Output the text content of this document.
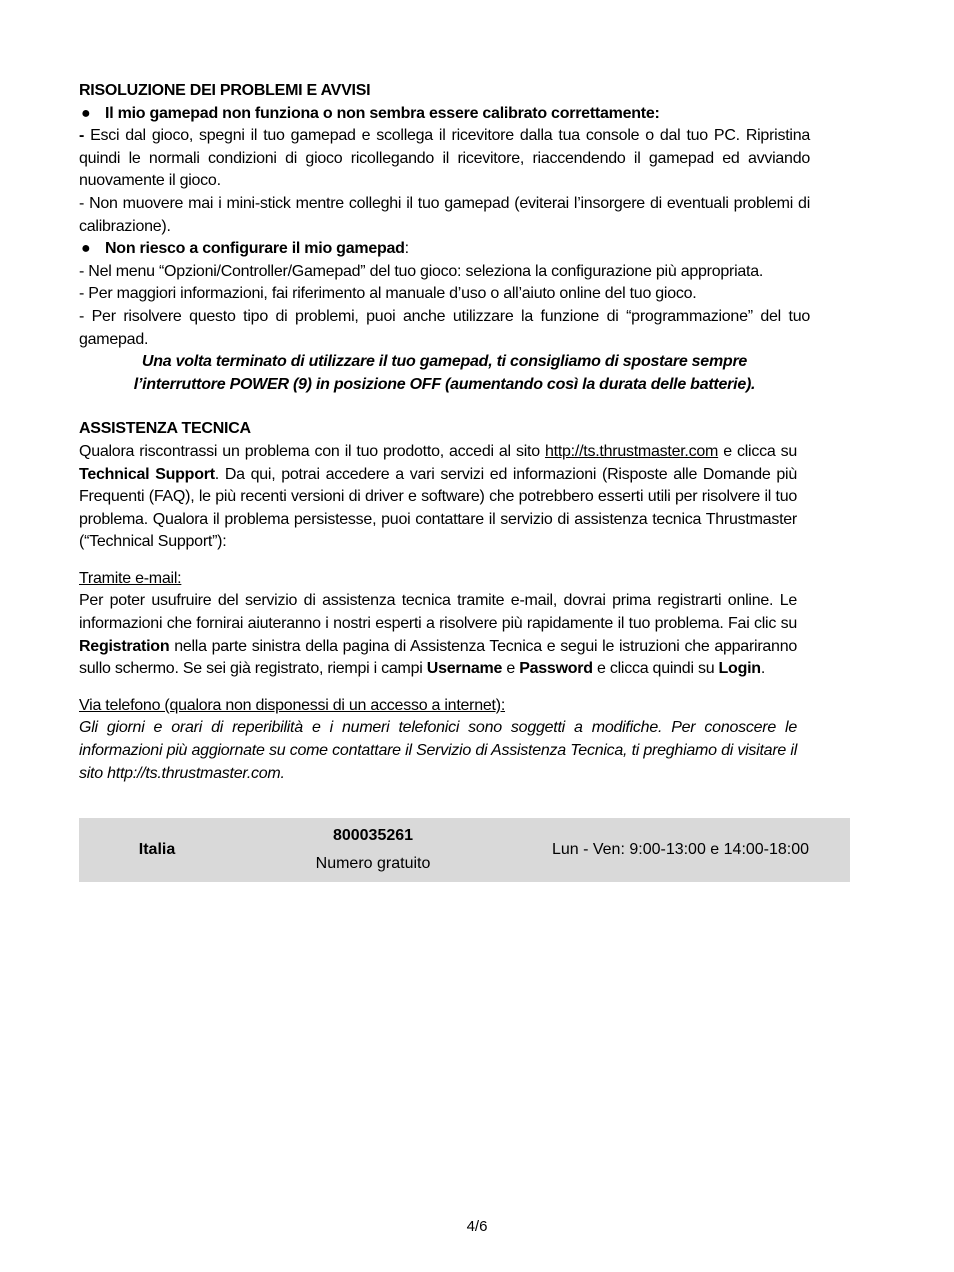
RISOLUZIONE DEI PROBLEMI E AVVISI

● Il mio gamepad non funziona o non sembra essere calibrato correttamente:

- Esci dal gioco, spegni il tuo gamepad e scollega il ricevitore dalla tua console o dal tuo PC. Ripristina quindi le normali condizioni di gioco ricollegando il ricevitore, riaccendendo il gamepad ed avviando nuovamente il gioco.

- Non muovere mai i mini-stick mentre colleghi il tuo gamepad (eviterai l’insorgere di eventuali problemi di calibrazione).

● Non riesco a configurare il mio gamepad:

- Nel menu “Opzioni/Controller/Gamepad” del tuo gioco: seleziona la configurazione più appropriata.

- Per maggiori informazioni, fai riferimento al manuale d’uso o all’aiuto online del tuo gioco.

- Per risolvere questo tipo di problemi, puoi anche utilizzare la funzione di “programmazione” del tuo gamepad.

Una volta terminato di utilizzare il tuo gamepad, ti consigliamo di spostare sempre

l’interruttore POWER (9) in posizione OFF (aumentando così la durata delle batterie).

ASSISTENZA TECNICA

Qualora riscontrassi un problema con il tuo prodotto, accedi al sito http://ts.thrustmaster.com e clicca su Technical Support. Da qui, potrai accedere a vari servizi ed informazioni (Risposte alle Domande più Frequenti (FAQ), le più recenti versioni di driver e software) che potrebbero esserti utili per risolvere il tuo problema. Qualora il problema persistesse, puoi contattare il servizio di assistenza tecnica Thrustmaster (“Technical Support”):

Tramite e-mail:

Per poter usufruire del servizio di assistenza tecnica tramite e-mail, dovrai prima registrarti online. Le informazioni che fornirai aiuteranno i nostri esperti a risolvere più rapidamente il tuo problema. Fai clic su Registration nella parte sinistra della pagina di Assistenza Tecnica e segui le istruzioni che appariranno sullo schermo. Se sei già registrato, riempi i campi Username e Password e clicca quindi su Login.

Via telefono (qualora non disponessi di un accesso a internet):

Gli giorni e orari di reperibilità e i numeri telefonici sono soggetti a modifiche. Per conoscere le informazioni più aggiornate su come contattare il Servizio di Assistenza Tecnica, ti preghiamo di visitare il sito http://ts.thrustmaster.com.

Italia
800035261
Numero gratuito
Lun - Ven: 9:00-13:00 e 14:00-18:00
4/6
